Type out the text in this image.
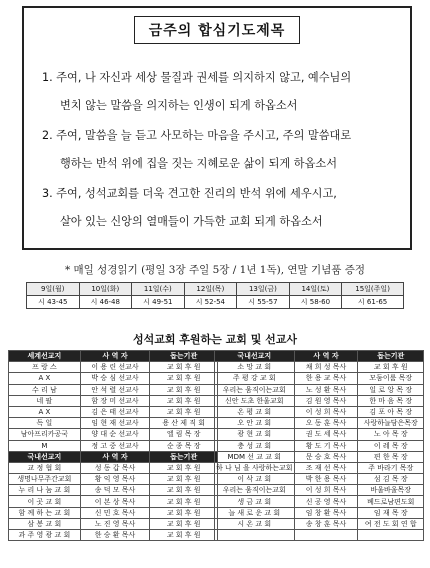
금주의 합심기도제목
1. 주여, 나 자신과 세상 물질과 권세를 의지하지 않고, 예수님의
변치 않는 말씀을 의지하는 인생이 되게 하옵소서
2. 주여, 말씀을 늘 듣고 사모하는 마음을 주시고, 주의 말씀대로
행하는 반석 위에 집을 짓는 지혜로운 삶이 되게 하옵소서
3. 주여, 성석교회를 더욱 견고한 진리의 반석 위에 세우시고,
살아 있는 신앙의 열매들이 가득한 교회 되게 하옵소서
* 매일 성경읽기 (평일 3장 주일 5장 / 1년 1독), 연말 기념품 증정
9일(월)	10일(화)	11일(수)	12일(목)	13일(금)	14일(토)	15일(주일)
시 43-45	시 46-48	시 49-51	시 52-54	시 55-57	시 58-60	시 61-65
성석교회 후원하는 교회 및 선교사
세계선교지	사 역 자	돕는기관
프 랑 스	이 용 린 선교사	교 회 후 원
A X	박 승 심 선교사	교 회 후 원
수 리 남	안 석 렬 선교사	교 회 후 원
네 팔	함 장 미 선교사	교 회 후 원
A X	김 은 태 선교사	교 회 후 원
독 일	임 현 재 선교사	용 산 제 직 회
남아프리카공국	양 대 순 선교사	엘 림 목 장
M	정 고 중 선교사	순 종 목 장
국내선교지	사 역 자	돕는기관
교 정 협 회	성 동 갑 목사	교 회 후 원
생명나무주간교회	황 익 영 목사	교 회 후 원
누 리 나 눔 교 회	송 덕 모 목사	교 회 후 원
이 곳 교 회	이 본 상 목사	교 회 후 원
함 께 하 는 교 회	신 민 호 목사	교 회 후 원
삼 봉 교 회	노 진 영 목사	교 회 후 원
과 주 영 광 교 회	한 승 환 목사	교 회 후 원
국내선교지	사 역 자	돕는기관
소 망 교 회	채 희 성 목사	교 회 후 원
주 평 강 교 회	한 용 교 목사	모둠이룸 목장
우리는 움직이는교회	노 성 환 목사	일 로 앙 목 장
신안 도초 한울교회	김 원 영 목사	한 마 음 목 장
온 평 교 회	이 성 희 목사	김 포 아 목 장
오 안 교 회	오 동 훈 목사	사랑하늘담은목장
광 현 교 회	권 도 세 목사	노 아 목 장
충 성 교 회	황 도 기 목사	이 레 목 장
MDM 선 교 교 회	문 승 호 목사	편 한 목 장
하 나 님 을 사랑하는교회	조 재 선 목사	주 바라기 목장
이 삭 교 회	박 한 용 목사	섬 김 목 장
우리는 움직이는교회	이 성 희 목사	바울바울목장
생 금 교 회	신 공 영 목사	베드로남편도회
늘 새 로 운 교 회	임 창 환 목사	임 재 목 장
시 온 교 회	송 창 훈 목사	여 전 도 회 연 합
